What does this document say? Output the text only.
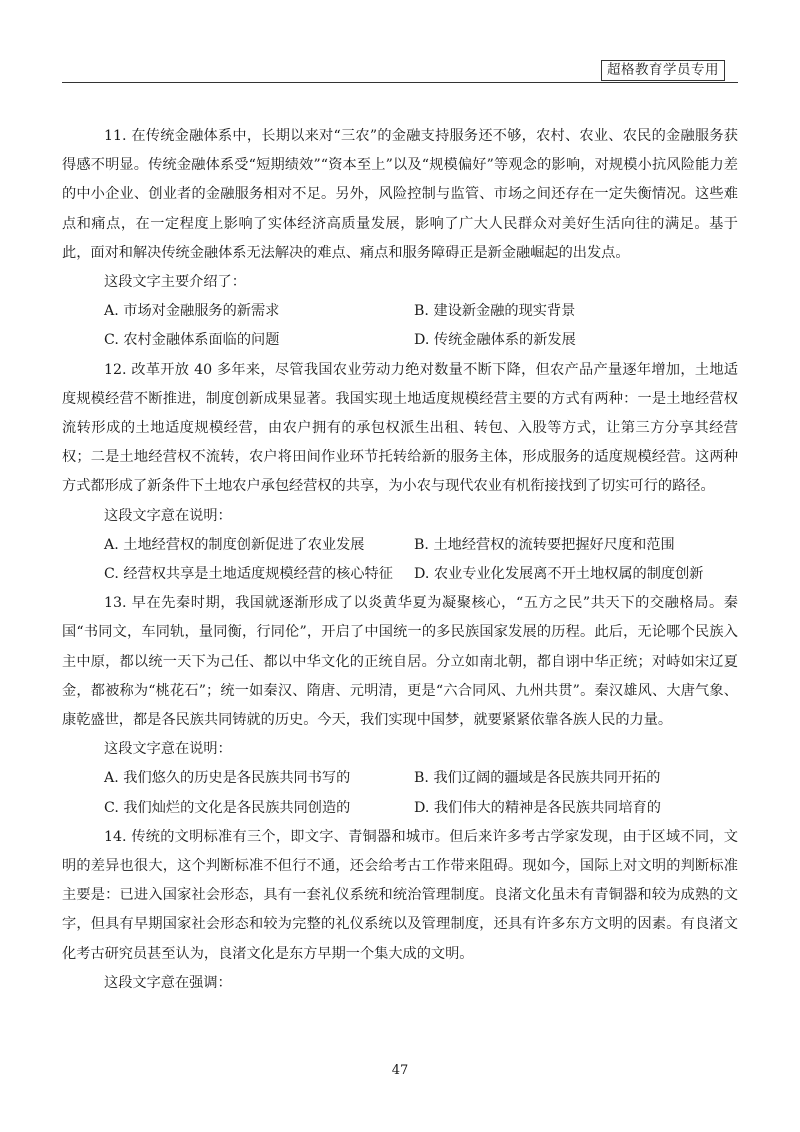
超格教育学员专用

11. 在传统金融体系中，长期以来对“三农”的金融支持服务还不够，农村、农业、农民的金融服务获得感不明显。传统金融体系受“短期绩效”“资本至上”以及“规模偏好”等观念的影响，对规模小抗风险能力差的中小企业、创业者的金融服务相对不足。另外，风险控制与监管、市场之间还存在一定失衡情况。这些难点和痛点，在一定程度上影响了实体经济高质量发展，影响了广大人民群众对美好生活向往的满足。基于此，面对和解决传统金融体系无法解决的难点、痛点和服务障碍正是新金融崛起的出发点。

这段文字主要介绍了：

A. 市场对金融服务的新需求	B. 建设新金融的现实背景
C. 农村金融体系面临的问题	D. 传统金融体系的新发展

12. 改革开放 40 多年来，尽管我国农业劳动力绝对数量不断下降，但农产品产量逐年增加，土地适度规模经营不断推进，制度创新成果显著。我国实现土地适度规模经营主要的方式有两种：一是土地经营权流转形成的土地适度规模经营，由农户拥有的承包权派生出租、转包、入股等方式，让第三方分享其经营权；二是土地经营权不流转，农户将田间作业环节托转给新的服务主体，形成服务的适度规模经营。这两种方式都形成了新条件下土地农户承包经营权的共享，为小农与现代农业有机衔接找到了切实可行的路径。

这段文字意在说明：

A. 土地经营权的制度创新促进了农业发展	B. 土地经营权的流转要把握好尺度和范围
C. 经营权共享是土地适度规模经营的核心特征	D. 农业专业化发展离不开土地权属的制度创新

13. 早在先秦时期，我国就逐渐形成了以炎黄华夏为凝聚核心，“五方之民”共天下的交融格局。秦国“书同文，车同轨，量同衡，行同伦”，开启了中国统一的多民族国家发展的历程。此后，无论哪个民族入主中原，都以统一天下为己任、都以中华文化的正统自居。分立如南北朝，都自诩中华正统；对峙如宋辽夏金，都被称为“桃花石”；统一如秦汉、隋唐、元明清，更是“六合同风、九州共贯”。秦汉雄风、大唐气象、康乾盛世，都是各民族共同铸就的历史。今天，我们实现中国梦，就要紧紧依靠各族人民的力量。

这段文字意在说明：

A. 我们悠久的历史是各民族共同书写的	B. 我们辽阔的疆域是各民族共同开拓的
C. 我们灿烂的文化是各民族共同创造的	D. 我们伟大的精神是各民族共同培育的

14. 传统的文明标准有三个，即文字、青铜器和城市。但后来许多考古学家发现，由于区域不同，文明的差异也很大，这个判断标准不但行不通，还会给考古工作带来阻碍。现如今，国际上对文明的判断标准主要是：已进入国家社会形态，具有一套礼仪系统和统治管理制度。良渚文化虽未有青铜器和较为成熟的文字，但具有早期国家社会形态和较为完整的礼仪系统以及管理制度，还具有许多东方文明的因素。有良渚文化考古研究员甚至认为，良渚文化是东方早期一个集大成的文明。

这段文字意在强调：

47
